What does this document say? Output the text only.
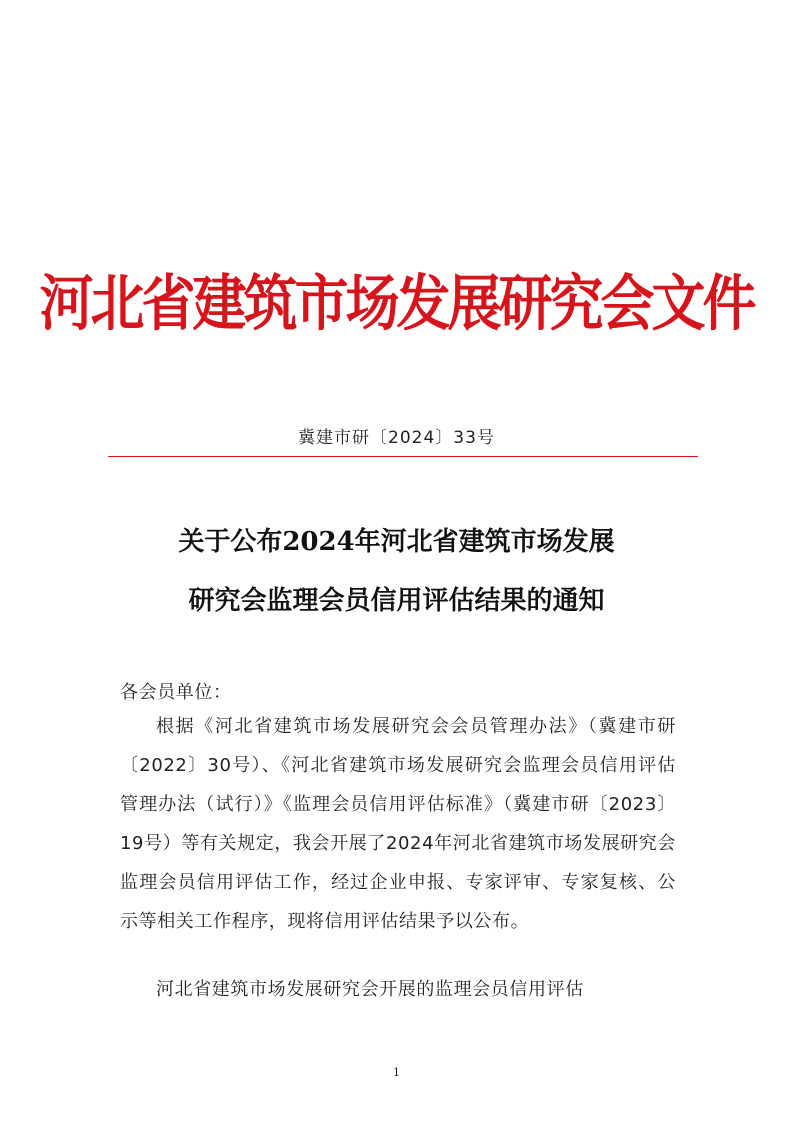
河北省建筑市场发展研究会文件
冀建市研〔2024〕33号
关于公布2024年河北省建筑市场发展
研究会监理会员信用评估结果的通知
各会员单位：

根据《河北省建筑市场发展研究会会员管理办法》（冀建市研〔2022〕30号）、《河北省建筑市场发展研究会监理会员信用评估管理办法（试行）》《监理会员信用评估标准》（冀建市研〔2023〕19号）等有关规定，我会开展了2024年河北省建筑市场发展研究会监理会员信用评估工作，经过企业申报、专家评审、专家复核、公示等相关工作程序，现将信用评估结果予以公布。

河北省建筑市场发展研究会开展的监理会员信用评估

1
